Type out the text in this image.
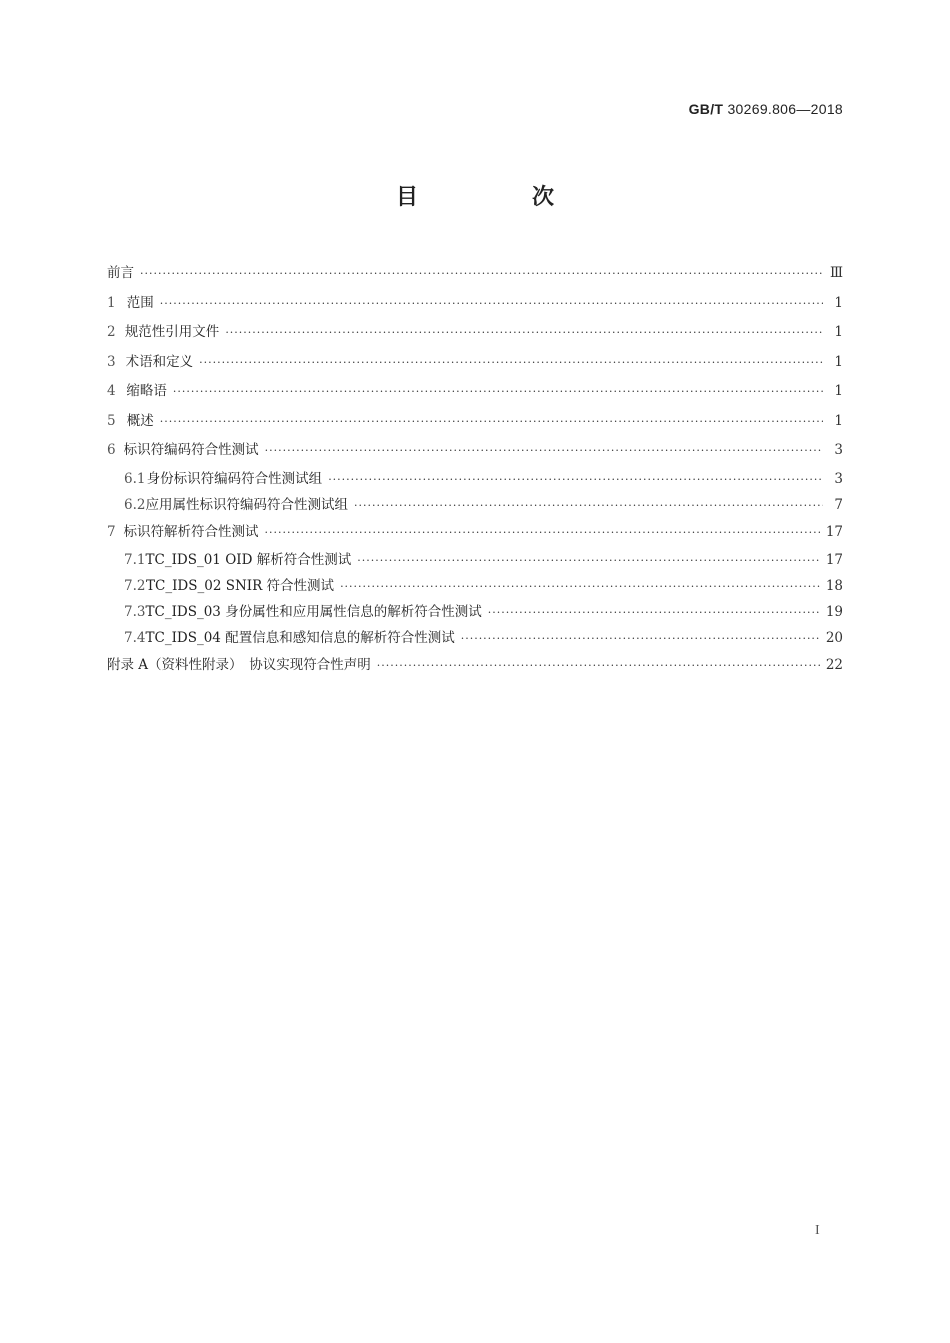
GB/T 30269.806—2018
目　次
前言 ·····	Ⅲ
1 范围 ·····	1
2 规范性引用文件 ·····	1
3 术语和定义 ·····	1
4 缩略语 ·····	1
5 概述 ·····	1
6 标识符编码符合性测试 ·····	3
6.1 身份标识符编码符合性测试组 ·····	3
6.2 应用属性标识符编码符合性测试组 ·····	7
7 标识符解析符合性测试 ·····	17
7.1 TC_IDS_01 OID 解析符合性测试 ·····	17
7.2 TC_IDS_02 SNIR 符合性测试 ·····	18
7.3 TC_IDS_03 身份属性和应用属性信息的解析符合性测试 ·····	19
7.4 TC_IDS_04 配置信息和感知信息的解析符合性测试 ·····	20
附录 A（资料性附录）　协议实现符合性声明 ·····	22
I
